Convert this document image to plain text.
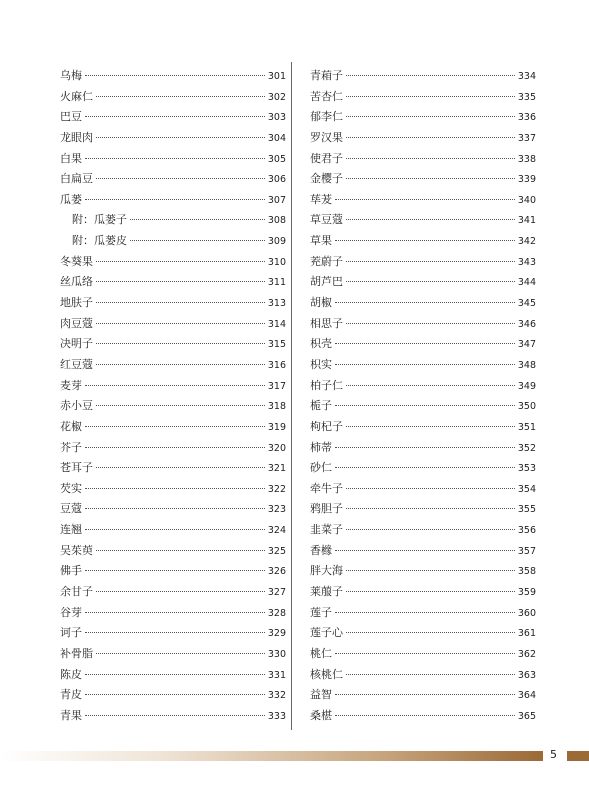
乌梅	301
火麻仁	302
巴豆	303
龙眼肉	304
白果	305
白扁豆	306
瓜蒌	307
附：瓜蒌子	308
附：瓜蒌皮	309
冬葵果	310
丝瓜络	311
地肤子	313
肉豆蔻	314
决明子	315
红豆蔻	316
麦芽	317
赤小豆	318
花椒	319
芥子	320
苍耳子	321
芡实	322
豆蔻	323
连翘	324
吴茱萸	325
佛手	326
余甘子	327
谷芽	328
诃子	329
补骨脂	330
陈皮	331
青皮	332
青果	333
青葙子	334
苦杏仁	335
郁李仁	336
罗汉果	337
使君子	338
金樱子	339
荜茇	340
草豆蔻	341
草果	342
茺蔚子	343
胡芦巴	344
胡椒	345
相思子	346
枳壳	347
枳实	348
柏子仁	349
栀子	350
枸杞子	351
柿蒂	352
砂仁	353
牵牛子	354
鸦胆子	355
韭菜子	356
香橼	357
胖大海	358
莱菔子	359
莲子	360
莲子心	361
桃仁	362
核桃仁	363
益智	364
桑椹	365
5
